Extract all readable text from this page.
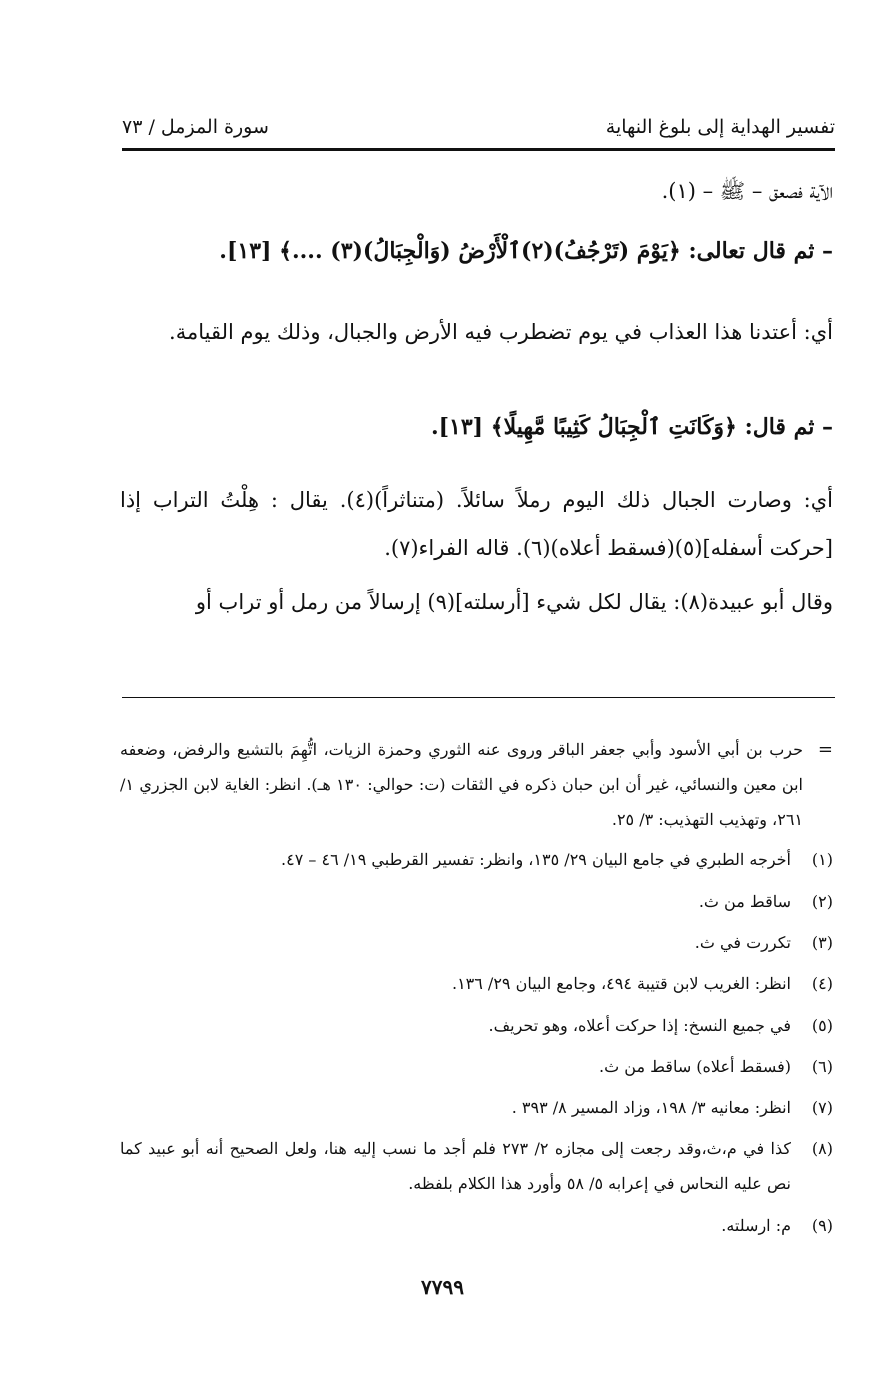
تفسير الهداية إلى بلوغ النهاية
سورة المزمل / ٧٣

الآية فصعق – ﷺ – (١).

– ثم قال تعالى: ﴿يَوْمَ (تَرْجُفُ)(٢)ٱلْأَرْضُ (وَالْجِبَالُ)(٣) ....﴾ [١٣].

أي: أعتدنا هذا العذاب في يوم تضطرب فيه الأرض والجبال، وذلك يوم القيامة.

– ثم قال: ﴿وَكَانَتِ ٱلْجِبَالُ كَثِيبًا مَّهِيلًا﴾ [١٣].

أي: وصارت الجبال ذلك اليوم رملاً سائلاً. (متناثراً)(٤). يقال : هِلْتُ التراب إذا [حركت أسفله](٥)(فسقط أعلاه)(٦). قاله الفراء(٧).

وقال أبو عبيدة(٨): يقال لكل شيء [أرسلته](٩) إرسالاً من رمل أو تراب أو

=
حرب بن أبي الأسود وأبي جعفر الباقر وروى عنه الثوري وحمزة الزيات، اتُّهِمَ بالتشيع والرفض، وضعفه ابن معين والنسائي، غير أن ابن حبان ذكره في الثقات (ت: حوالي: ١٣٠ هـ). انظر: الغاية لابن الجزري ١/ ٢٦١، وتهذيب التهذيب: ٣/ ٢٥.
(١)
أخرجه الطبري في جامع البيان ٢٩/ ١٣٥، وانظر: تفسير القرطبي ١٩/ ٤٦ – ٤٧.
(٢)
ساقط من ث.
(٣)
تكررت في ث.
(٤)
انظر: الغريب لابن قتيبة ٤٩٤، وجامع البيان ٢٩/ ١٣٦.
(٥)
في جميع النسخ: إذا حركت أعلاه، وهو تحريف.
(٦)
(فسقط أعلاه) ساقط من ث.
(٧)
انظر: معانيه ٣/ ١٩٨، وزاد المسير ٨/ ٣٩٣ .
(٨)
كذا في م،ث،وقد رجعت إلى مجازه ٢/ ٢٧٣ فلم أجد ما نسب إليه هنا، ولعل الصحيح أنه أبو عبيد كما نص عليه النحاس في إعرابه ٥/ ٥٨ وأورد هذا الكلام بلفظه.
(٩)
م: ارسلته.
٧٧٩٩
